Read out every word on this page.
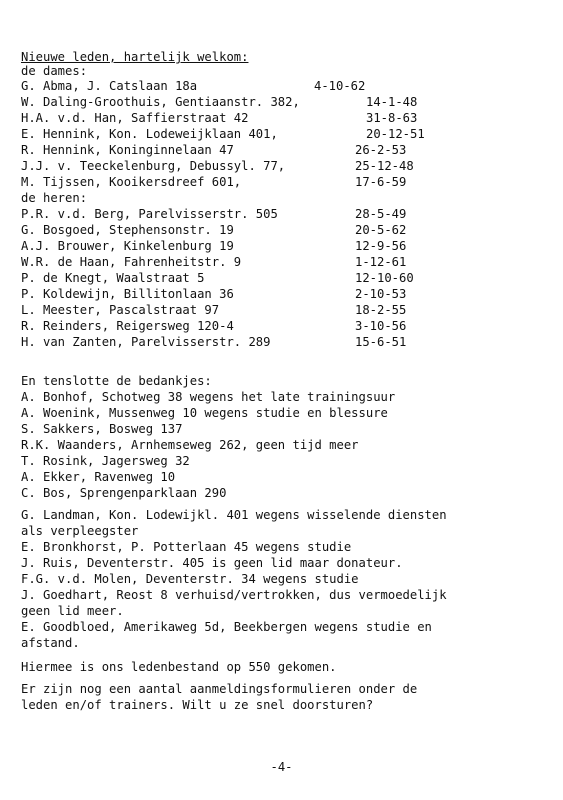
Nieuwe leden, hartelijk welkom:
de dames:
G. Abma, J. Catslaan 18a	4-10-62
W. Daling-Groothuis, Gentiaanstr. 382,	14-1-48
H.A. v.d. Han, Saffierstraat 42	31-8-63
E. Hennink, Kon. Lodeweijklaan 401,	20-12-51
R. Hennink, Koninginnelaan 47	26-2-53
J.J. v. Teeckelenburg, Debussyl. 77,	25-12-48
M. Tijssen, Kooikersdreef 601,	17-6-59
de heren:
P.R. v.d. Berg, Parelvisserstr. 505	28-5-49
G. Bosgoed, Stephensonstr. 19	20-5-62
A.J. Brouwer, Kinkelenburg 19	12-9-56
W.R. de Haan, Fahrenheitstr. 9	1-12-61
P. de Knegt, Waalstraat 5	12-10-60
P. Koldewijn, Billitonlaan 36	2-10-53
L. Meester, Pascalstraat 97	18-2-55
R. Reinders, Reigersweg 120-4	3-10-56
H. van Zanten, Parelvisserstr. 289	15-6-51
En tenslotte de bedankjes:
A. Bonhof, Schotweg 38 wegens het late trainingsuur
A. Woenink, Mussenweg 10 wegens studie en blessure
S. Sakkers, Bosweg 137
R.K. Waanders, Arnhemseweg 262, geen tijd meer
T. Rosink, Jagersweg 32
A. Ekker, Ravenweg 10
C. Bos, Sprengenparklaan 290
G. Landman, Kon. Lodewijkl. 401 wegens wisselende diensten
als verpleegster
E. Bronkhorst, P. Potterlaan 45 wegens studie
J. Ruis, Deventerstr. 405 is geen lid maar donateur.
F.G. v.d. Molen, Deventerstr. 34 wegens studie
J. Goedhart, Reost 8 verhuisd/vertrokken, dus vermoedelijk
geen lid meer.
E. Goodbloed, Amerikaweg 5d, Beekbergen wegens studie en
afstand.
Hiermee is ons ledenbestand op 550 gekomen.
Er zijn nog een aantal aanmeldingsformulieren onder de
leden en/of trainers. Wilt u ze snel doorsturen?
-4-
